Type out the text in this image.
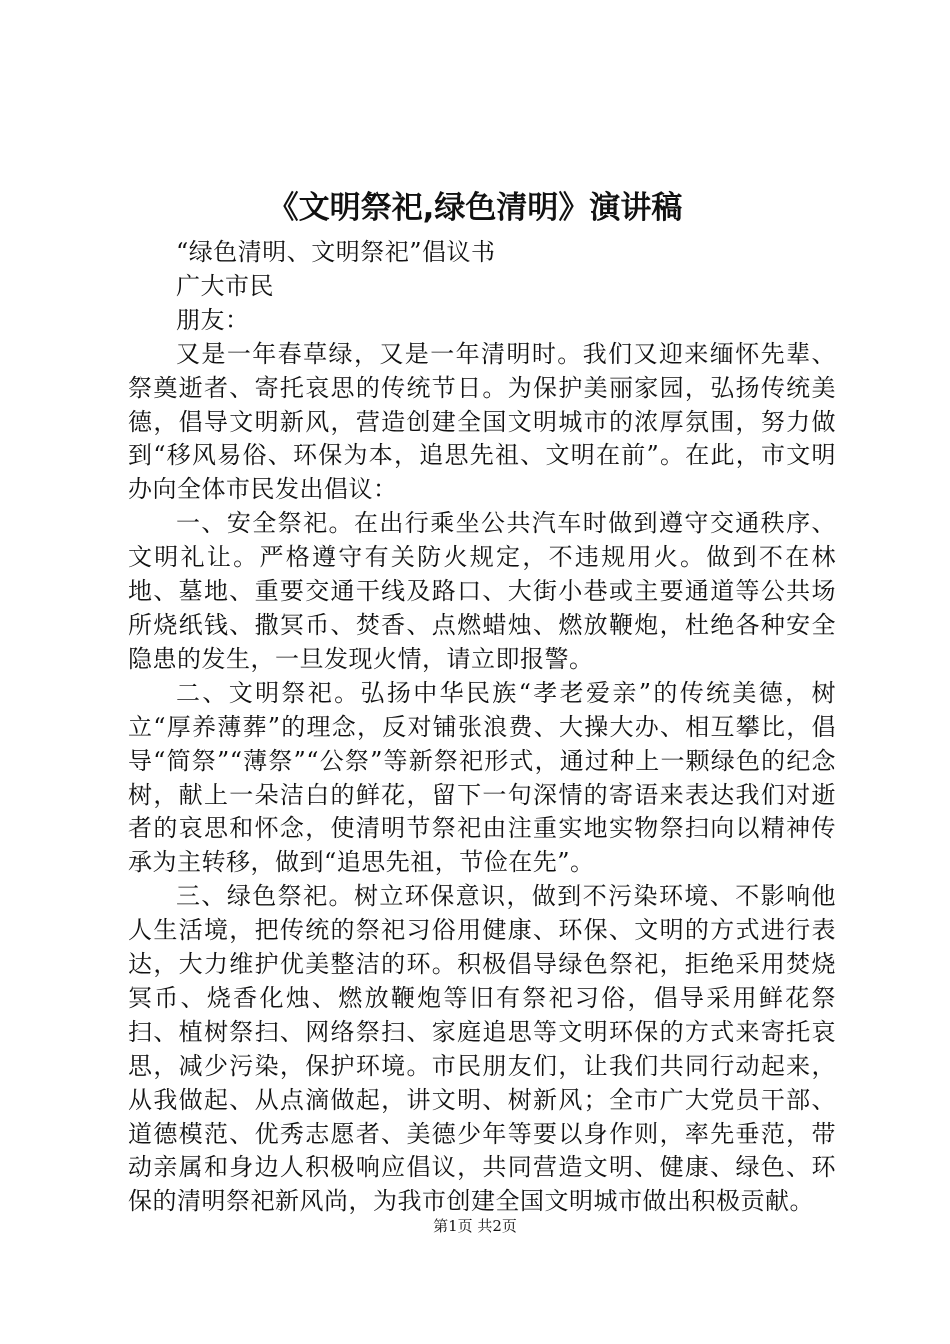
《文明祭祀,绿色清明》演讲稿

“绿色清明、文明祭祀”倡议书

广大市民

朋友：

又是一年春草绿，又是一年清明时。我们又迎来缅怀先辈、祭奠逝者、寄托哀思的传统节日。为保护美丽家园，弘扬传统美德，倡导文明新风，营造创建全国文明城市的浓厚氛围，努力做到“移风易俗、环保为本，追思先祖、文明在前”。在此，市文明办向全体市民发出倡议：

一、安全祭祀。在出行乘坐公共汽车时做到遵守交通秩序、文明礼让。严格遵守有关防火规定，不违规用火。做到不在林地、墓地、重要交通干线及路口、大街小巷或主要通道等公共场所烧纸钱、撒冥币、焚香、点燃蜡烛、燃放鞭炮，杜绝各种安全隐患的发生，一旦发现火情，请立即报警。

二、文明祭祀。弘扬中华民族“孝老爱亲”的传统美德，树立“厚养薄葬”的理念，反对铺张浪费、大操大办、相互攀比，倡导“简祭”“薄祭”“公祭”等新祭祀形式，通过种上一颗绿色的纪念树，献上一朵洁白的鲜花，留下一句深情的寄语来表达我们对逝者的哀思和怀念，使清明节祭祀由注重实地实物祭扫向以精神传承为主转移，做到“追思先祖，节俭在先”。

三、绿色祭祀。树立环保意识，做到不污染环境、不影响他人生活境，把传统的祭祀习俗用健康、环保、文明的方式进行表达，大力维护优美整洁的环。积极倡导绿色祭祀，拒绝采用焚烧冥币、烧香化烛、燃放鞭炮等旧有祭祀习俗，倡导采用鲜花祭扫、植树祭扫、网络祭扫、家庭追思等文明环保的方式来寄托哀思，减少污染，保护环境。市民朋友们，让我们共同行动起来，从我做起、从点滴做起，讲文明、树新风；全市广大党员干部、道德模范、优秀志愿者、美德少年等要以身作则，率先垂范，带动亲属和身边人积极响应倡议，共同营造文明、健康、绿色、环保的清明祭祀新风尚，为我市创建全国文明城市做出积极贡献。

第1页 共2页
